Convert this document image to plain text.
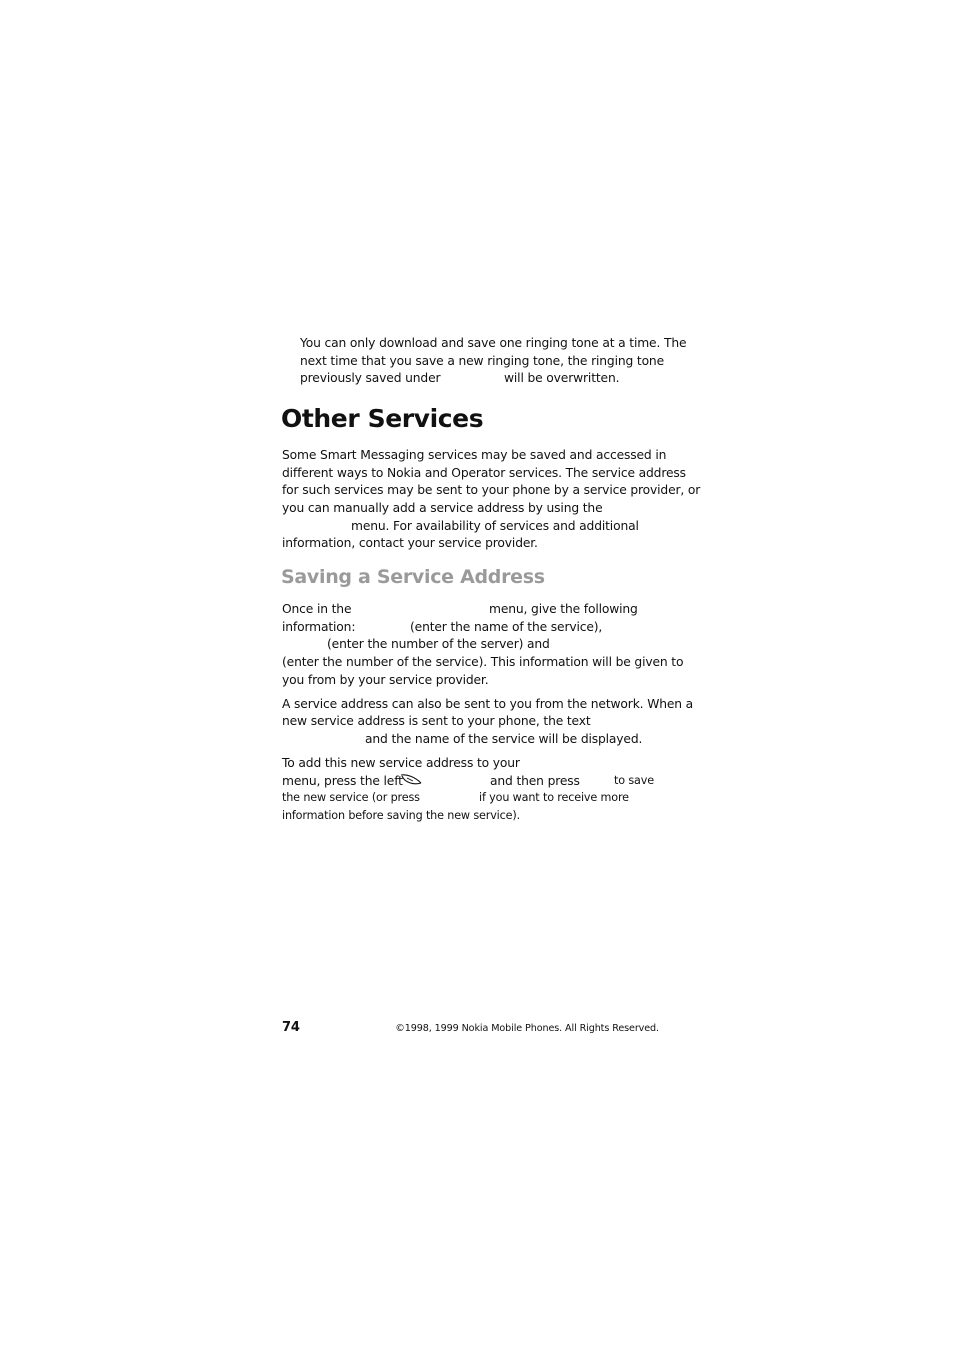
You can only download and save one ringing tone at a time. The
next time that you save a new ringing tone, the ringing tone
previously saved under	will be overwritten.
Other Services
Some Smart Messaging services may be saved and accessed in
different ways to Nokia and Operator services. The service address
for such services may be sent to your phone by a service provider, or
you can manually add a service address by using the
menu. For availability of services and additional
information, contact your service provider.
Saving a Service Address
Once in the	menu, give the following
information:	(enter the name of the service),
(enter the number of the server) and
(enter the number of the service). This information will be given to
you from by your service provider.
A service address can also be sent to you from the network. When a
new service address is sent to your phone, the text
and the name of the service will be displayed.
To add this new service address to your
menu, press the left	and then press	to save
the new service (or press	if you want to receive more
information before saving the new service).
74	©1998, 1999 Nokia Mobile Phones. All Rights Reserved.
